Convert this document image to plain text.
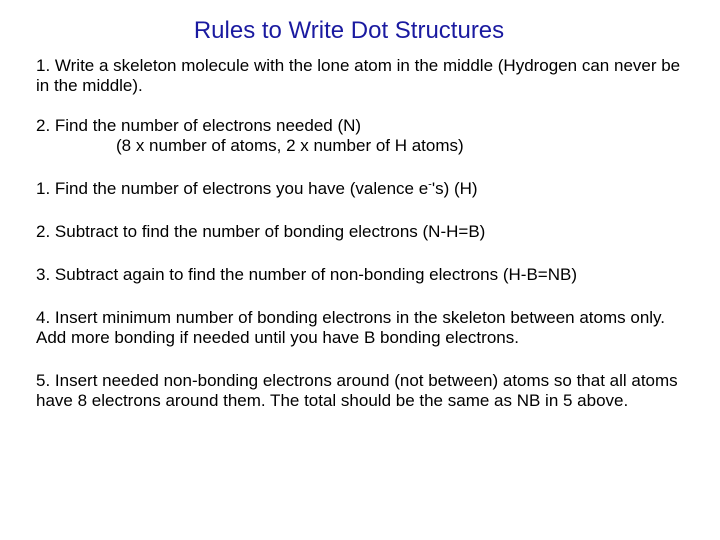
Rules to Write Dot Structures

1. Write a skeleton molecule with the lone atom in the middle (Hydrogen can never be in the middle).

2. Find the number of electrons needed (N)
(8 x number of atoms, 2 x number of H atoms)

1. Find the number of electrons you have (valence e-'s) (H)

2. Subtract to find the number of bonding electrons (N-H=B)

3. Subtract again to find the number of non-bonding electrons (H-B=NB)

4. Insert minimum number of bonding electrons in the skeleton between atoms only. Add more bonding if needed until you have B bonding electrons.

5. Insert needed non-bonding electrons around (not between) atoms so that all atoms have 8 electrons around them. The total should be the same as NB in 5 above.
